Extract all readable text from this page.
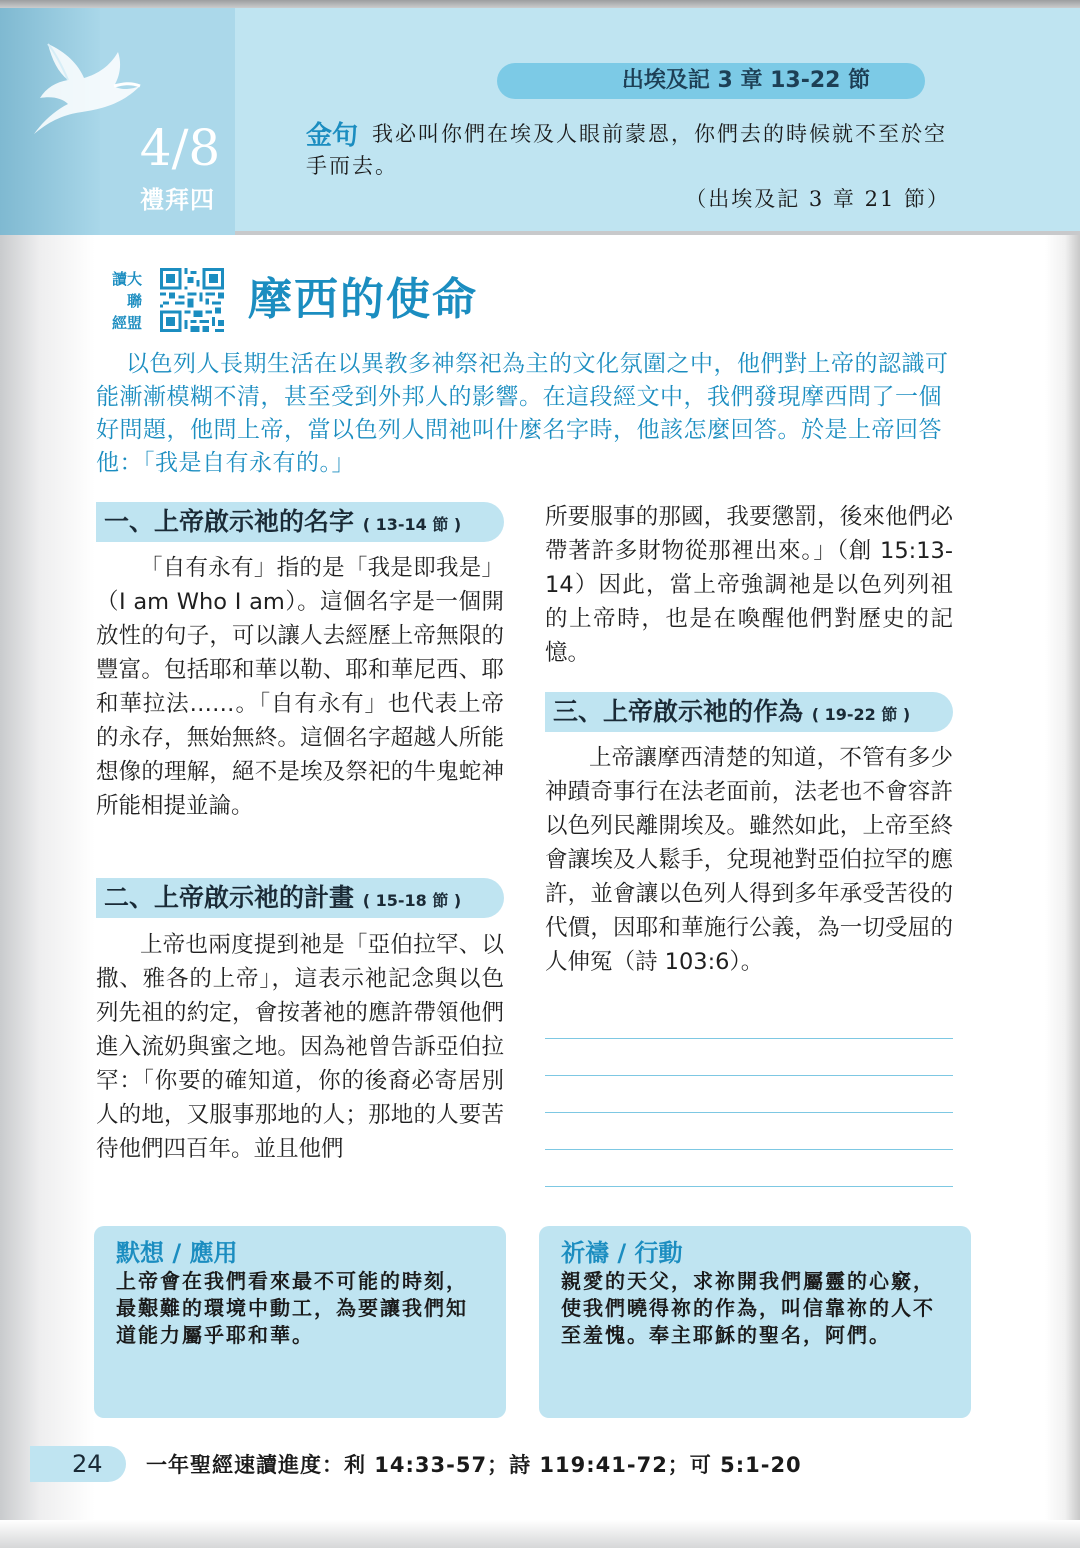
4/8
禮拜四
出埃及記 3 章 13-22 節
金句 我必叫你們在埃及人眼前蒙恩，你們去的時候就不至於空手而去。
（出埃及記 3 章 21 節）
讀大
　聯
經盟	摩西的使命

以色列人長期生活在以異教多神祭祀為主的文化氛圍之中，他們對上帝的認識可能漸漸模糊不清，甚至受到外邦人的影響。在這段經文中，我們發現摩西問了一個好問題，他問上帝，當以色列人問祂叫什麼名字時，他該怎麼回答。於是上帝回答他：「我是自有永有的。」

一、上帝啟示祂的名字 ( 13-14 節 )

「自有永有」指的是「我是即我是」（I am Who I am）。這個名字是一個開放性的句子，可以讓人去經歷上帝無限的豐富。包括耶和華以勒、耶和華尼西、耶和華拉法……。「自有永有」也代表上帝的永存，無始無終。這個名字超越人所能想像的理解，絕不是埃及祭祀的牛鬼蛇神所能相提並論。

二、上帝啟示祂的計畫 ( 15-18 節 )

上帝也兩度提到祂是「亞伯拉罕、以撒、雅各的上帝」，這表示祂記念與以色列先祖的約定，會按著祂的應許帶領他們進入流奶與蜜之地。因為祂曾告訴亞伯拉罕：「你要的確知道，你的後裔必寄居別人的地，又服事那地的人；那地的人要苦待他們四百年。並且他們

所要服事的那國，我要懲罰，後來他們必帶著許多財物從那裡出來。」（創 15:13-14）因此，當上帝強調祂是以色列列祖的上帝時，也是在喚醒他們對歷史的記憶。

三、上帝啟示祂的作為 ( 19-22 節 )

上帝讓摩西清楚的知道，不管有多少神蹟奇事行在法老面前，法老也不會容許以色列民離開埃及。雖然如此，上帝至終會讓埃及人鬆手，兌現祂對亞伯拉罕的應許，並會讓以色列人得到多年承受苦役的代價，因耶和華施行公義，為一切受屈的人伸冤（詩 103:6）。

默想 / 應用
上帝會在我們看來最不可能的時刻，最艱難的環境中動工，為要讓我們知道能力屬乎耶和華。
祈禱 / 行動
親愛的天父，求祢開我們屬靈的心竅，使我們曉得祢的作為，叫信靠祢的人不至羞愧。奉主耶穌的聖名，阿們。
24	一年聖經速讀進度：利 14:33-57；詩 119:41-72；可 5:1-20
